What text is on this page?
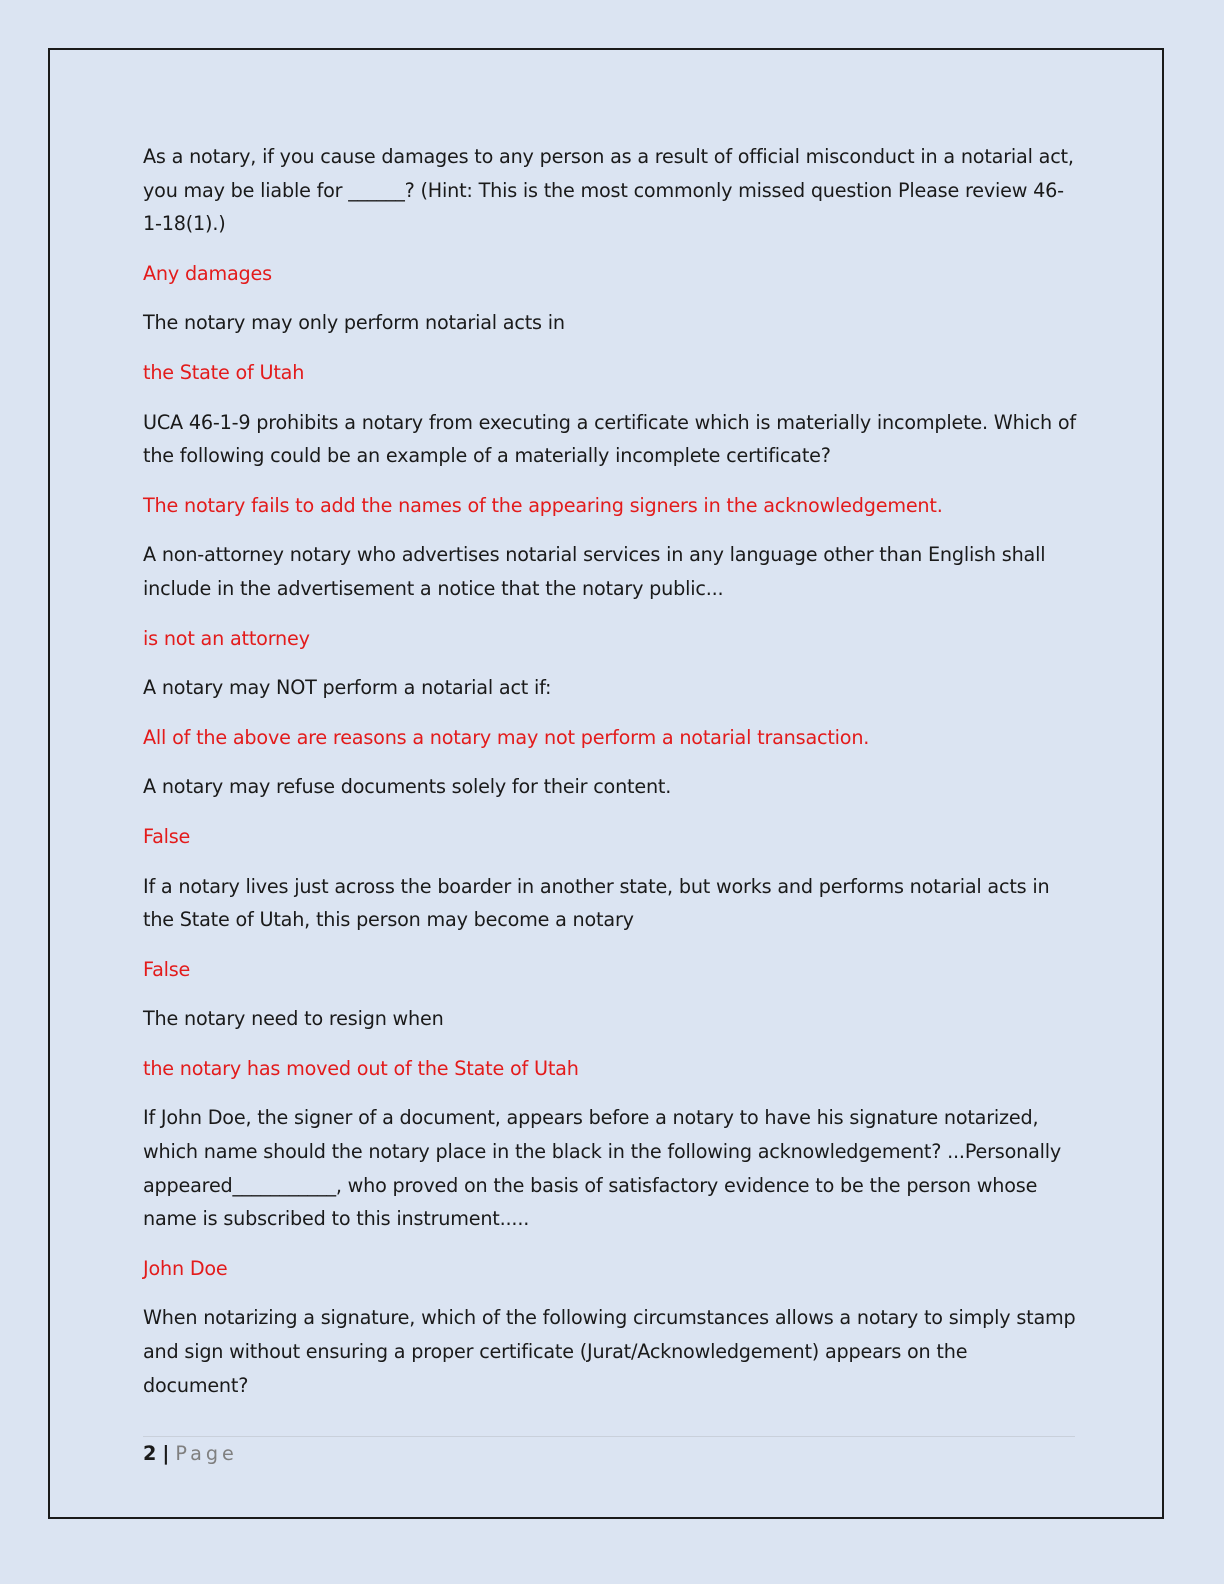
As a notary, if you cause damages to any person as a result of official misconduct in a notarial act, you may be liable for ______? (Hint: This is the most commonly missed question Please review 46-1-18(1).)

Any damages

The notary may only perform notarial acts in

the State of Utah

UCA 46-1-9 prohibits a notary from executing a certificate which is materially incomplete. Which of the following could be an example of a materially incomplete certificate?

The notary fails to add the names of the appearing signers in the acknowledgement.

A non-attorney notary who advertises notarial services in any language other than English shall include in the advertisement a notice that the notary public...

is not an attorney

A notary may NOT perform a notarial act if:

All of the above are reasons a notary may not perform a notarial transaction.

A notary may refuse documents solely for their content.

False

If a notary lives just across the boarder in another state, but works and performs notarial acts in the State of Utah, this person may become a notary

False

The notary need to resign when

the notary has moved out of the State of Utah

If John Doe, the signer of a document, appears before a notary to have his signature notarized, which name should the notary place in the black in the following acknowledgement? ...Personally appeared___________, who proved on the basis of satisfactory evidence to be the person whose name is subscribed to this instrument.....

John Doe

When notarizing a signature, which of the following circumstances allows a notary to simply stamp and sign without ensuring a proper certificate (Jurat/Acknowledgement) appears on the document?

2 | Page
